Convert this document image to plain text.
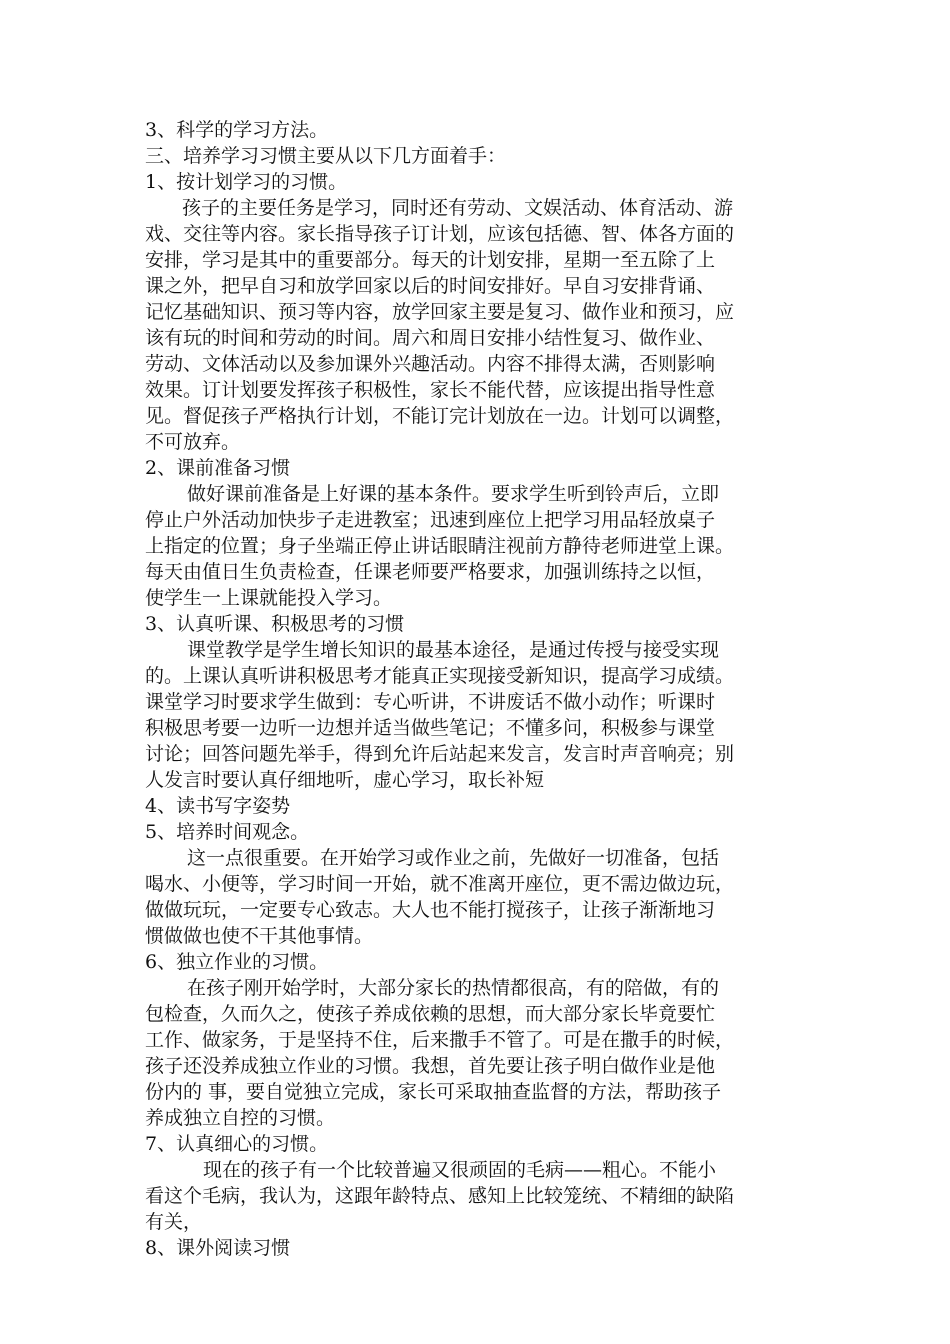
3、科学的学习方法。
三、培养学习习惯主要从以下几方面着手：
1、按计划学习的习惯。
孩子的主要任务是学习，同时还有劳动、文娱活动、体育活动、游
戏、交往等内容。家长指导孩子订计划，应该包括德、智、体各方面的
安排，学习是其中的重要部分。每天的计划安排，星期一至五除了上
课之外，把早自习和放学回家以后的时间安排好。早自习安排背诵、
记忆基础知识、预习等内容，放学回家主要是复习、做作业和预习，应
该有玩的时间和劳动的时间。周六和周日安排小结性复习、做作业、
劳动、文体活动以及参加课外兴趣活动。内容不排得太满，否则影响
效果。订计划要发挥孩子积极性，家长不能代替，应该提出指导性意
见。督促孩子严格执行计划，不能订完计划放在一边。计划可以调整，
不可放弃。
2、课前准备习惯
做好课前准备是上好课的基本条件。要求学生听到铃声后，立即
停止户外活动加快步子走进教室；迅速到座位上把学习用品轻放桌子
上指定的位置；身子坐端正停止讲话眼睛注视前方静待老师进堂上课。
每天由值日生负责检查，任课老师要严格要求，加强训练持之以恒，
使学生一上课就能投入学习。
3、认真听课、积极思考的习惯
课堂教学是学生增长知识的最基本途径，是通过传授与接受实现
的。上课认真听讲积极思考才能真正实现接受新知识，提高学习成绩。
课堂学习时要求学生做到：专心听讲，不讲废话不做小动作；听课时
积极思考要一边听一边想并适当做些笔记；不懂多问，积极参与课堂
讨论；回答问题先举手，得到允许后站起来发言，发言时声音响亮；别
人发言时要认真仔细地听，虚心学习，取长补短
4、读书写字姿势
5、培养时间观念。
这一点很重要。在开始学习或作业之前，先做好一切准备，包括
喝水、小便等，学习时间一开始，就不准离开座位，更不需边做边玩，
做做玩玩，一定要专心致志。大人也不能打搅孩子，让孩子渐渐地习
惯做做也使不干其他事情。
6、独立作业的习惯。
在孩子刚开始学时，大部分家长的热情都很高，有的陪做，有的
包检查，久而久之，使孩子养成依赖的思想，而大部分家长毕竟要忙
工作、做家务，于是坚持不住，后来撒手不管了。可是在撒手的时候，
孩子还没养成独立作业的习惯。我想，首先要让孩子明白做作业是他
份内的 事，要自觉独立完成，家长可采取抽查监督的方法，帮助孩子
养成独立自控的习惯。
7、认真细心的习惯。
现在的孩子有一个比较普遍又很顽固的毛病——粗心。不能小
看这个毛病，我认为，这跟年龄特点、感知上比较笼统、不精细的缺陷
有关，
8、课外阅读习惯
